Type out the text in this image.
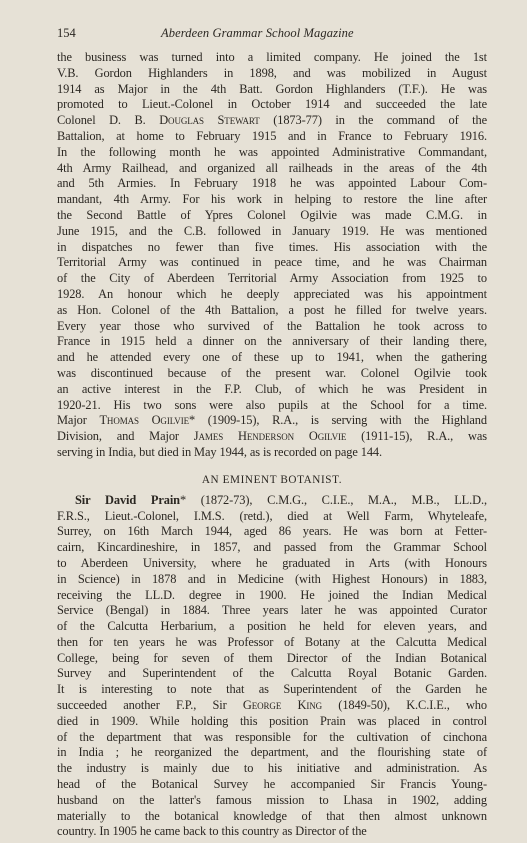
154	Aberdeen Grammar School Magazine
the business was turned into a limited company. He joined the 1st
V.B. Gordon Highlanders in 1898, and was mobilized in August
1914 as Major in the 4th Batt. Gordon Highlanders (T.F.). He was
promoted to Lieut.-Colonel in October 1914 and succeeded the late
Colonel D. B. Douglas Stewart (1873-77) in the command of the
Battalion, at home to February 1915 and in France to February 1916.
In the following month he was appointed Administrative Commandant,
4th Army Railhead, and organized all railheads in the areas of the 4th
and 5th Armies. In February 1918 he was appointed Labour Com-
mandant, 4th Army. For his work in helping to restore the line after
the Second Battle of Ypres Colonel Ogilvie was made C.M.G. in
June 1915, and the C.B. followed in January 1919. He was mentioned
in dispatches no fewer than five times. His association with the
Territorial Army was continued in peace time, and he was Chairman
of the City of Aberdeen Territorial Army Association from 1925 to
1928. An honour which he deeply appreciated was his appointment
as Hon. Colonel of the 4th Battalion, a post he filled for twelve years.
Every year those who survived of the Battalion he took across to
France in 1915 held a dinner on the anniversary of their landing there,
and he attended every one of these up to 1941, when the gathering
was discontinued because of the present war. Colonel Ogilvie took
an active interest in the F.P. Club, of which he was President in
1920-21. His two sons were also pupils at the School for a time.
Major Thomas Ogilvie* (1909-15), R.A., is serving with the Highland
Division, and Major James Henderson Ogilvie (1911-15), R.A., was
serving in India, but died in May 1944, as is recorded on page 144.
AN EMINENT BOTANIST.
Sir David Prain* (1872-73), C.M.G., C.I.E., M.A., M.B., LL.D.,
F.R.S., Lieut.-Colonel, I.M.S. (retd.), died at Well Farm, Whyteleafe,
Surrey, on 16th March 1944, aged 86 years. He was born at Fetter-
cairn, Kincardineshire, in 1857, and passed from the Grammar School
to Aberdeen University, where he graduated in Arts (with Honours
in Science) in 1878 and in Medicine (with Highest Honours) in 1883,
receiving the LL.D. degree in 1900. He joined the Indian Medical
Service (Bengal) in 1884. Three years later he was appointed Curator
of the Calcutta Herbarium, a position he held for eleven years, and
then for ten years he was Professor of Botany at the Calcutta Medical
College, being for seven of them Director of the Indian Botanical
Survey and Superintendent of the Calcutta Royal Botanic Garden.
It is interesting to note that as Superintendent of the Garden he
succeeded another F.P., Sir George King (1849-50), K.C.I.E., who
died in 1909. While holding this position Prain was placed in control
of the department that was responsible for the cultivation of cinchona
in India ; he reorganized the department, and the flourishing state of
the industry is mainly due to his initiative and administration. As
head of the Botanical Survey he accompanied Sir Francis Young-
husband on the latter's famous mission to Lhasa in 1902, adding
materially to the botanical knowledge of that then almost unknown
country. In 1905 he came back to this country as Director of the
